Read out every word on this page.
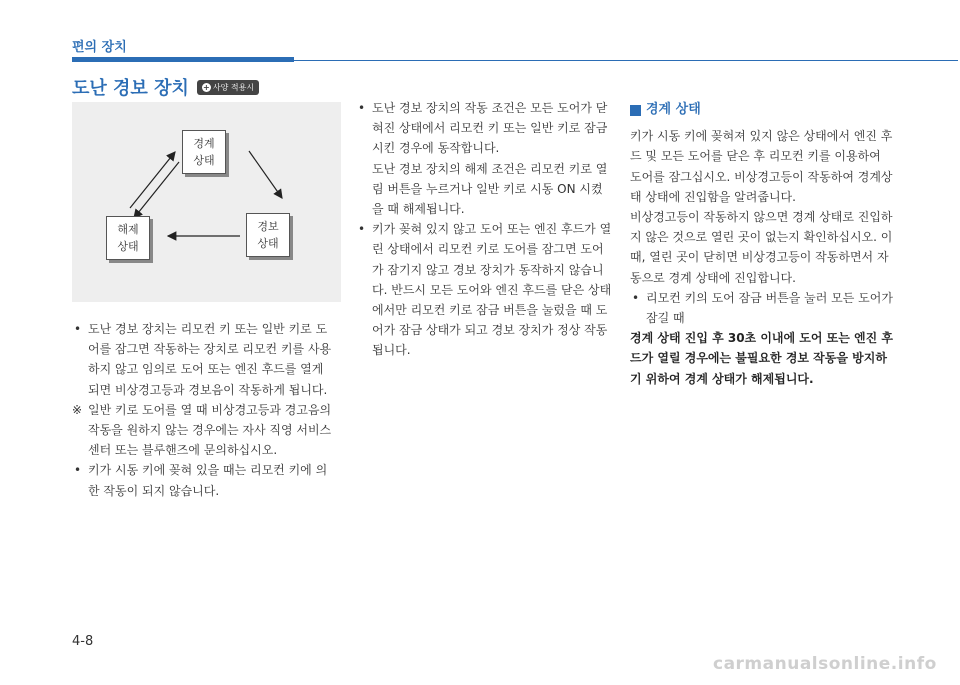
편의 장치
도난 경보 장치 + 사양 적용시
경계
상태
해제
상태
경보
상태
• 도난 경보 장치는 리모컨 키 또는 일반 키로 도어를 잠그면 작동하는 장치로 리모컨 키를 사용하지 않고 임의로 도어 또는 엔진 후드를 열게 되면 비상경고등과 경보음이 작동하게 됩니다.

※ 일반 키로 도어를 열 때 비상경고등과 경고음의 작동을 원하지 않는 경우에는 자사 직영 서비스센터 또는 블루핸즈에 문의하십시오.

• 키가 시동 키에 꽂혀 있을 때는 리모컨 키에 의한 작동이 되지 않습니다.

• 도난 경보 장치의 작동 조건은 모든 도어가 닫혀진 상태에서 리모컨 키 또는 일반 키로 잠금 시킨 경우에 동작합니다.

도난 경보 장치의 해제 조건은 리모컨 키로 열림 버튼을 누르거나 일반 키로 시동 ON 시켰을 때 해제됩니다.

• 키가 꽂혀 있지 않고 도어 또는 엔진 후드가 열린 상태에서 리모컨 키로 도어를 잠그면 도어가 잠기지 않고 경보 장치가 동작하지 않습니다. 반드시 모든 도어와 엔진 후드를 닫은 상태에서만 리모컨 키로 잠금 버튼을 눌렀을 때 도어가 잠금 상태가 되고 경보 장치가 정상 작동됩니다.

경계 상태

키가 시동 키에 꽂혀져 있지 않은 상태에서 엔진 후드 및 모든 도어를 닫은 후 리모컨 키를 이용하여 도어를 잠그십시오. 비상경고등이 작동하여 경계상태 상태에 진입함을 알려줍니다.

비상경고등이 작동하지 않으면 경계 상태로 진입하지 않은 것으로 열린 곳이 없는지 확인하십시오. 이때, 열린 곳이 닫히면 비상경고등이 작동하면서 자동으로 경계 상태에 진입합니다.

• 리모컨 키의 도어 잠금 버튼을 눌러 모든 도어가 잠길 때

경계 상태 진입 후 30초 이내에 도어 또는 엔진 후드가 열릴 경우에는 불필요한 경보 작동을 방지하기 위하여 경계 상태가 해제됩니다.

4-8
carmanualsonline.info
